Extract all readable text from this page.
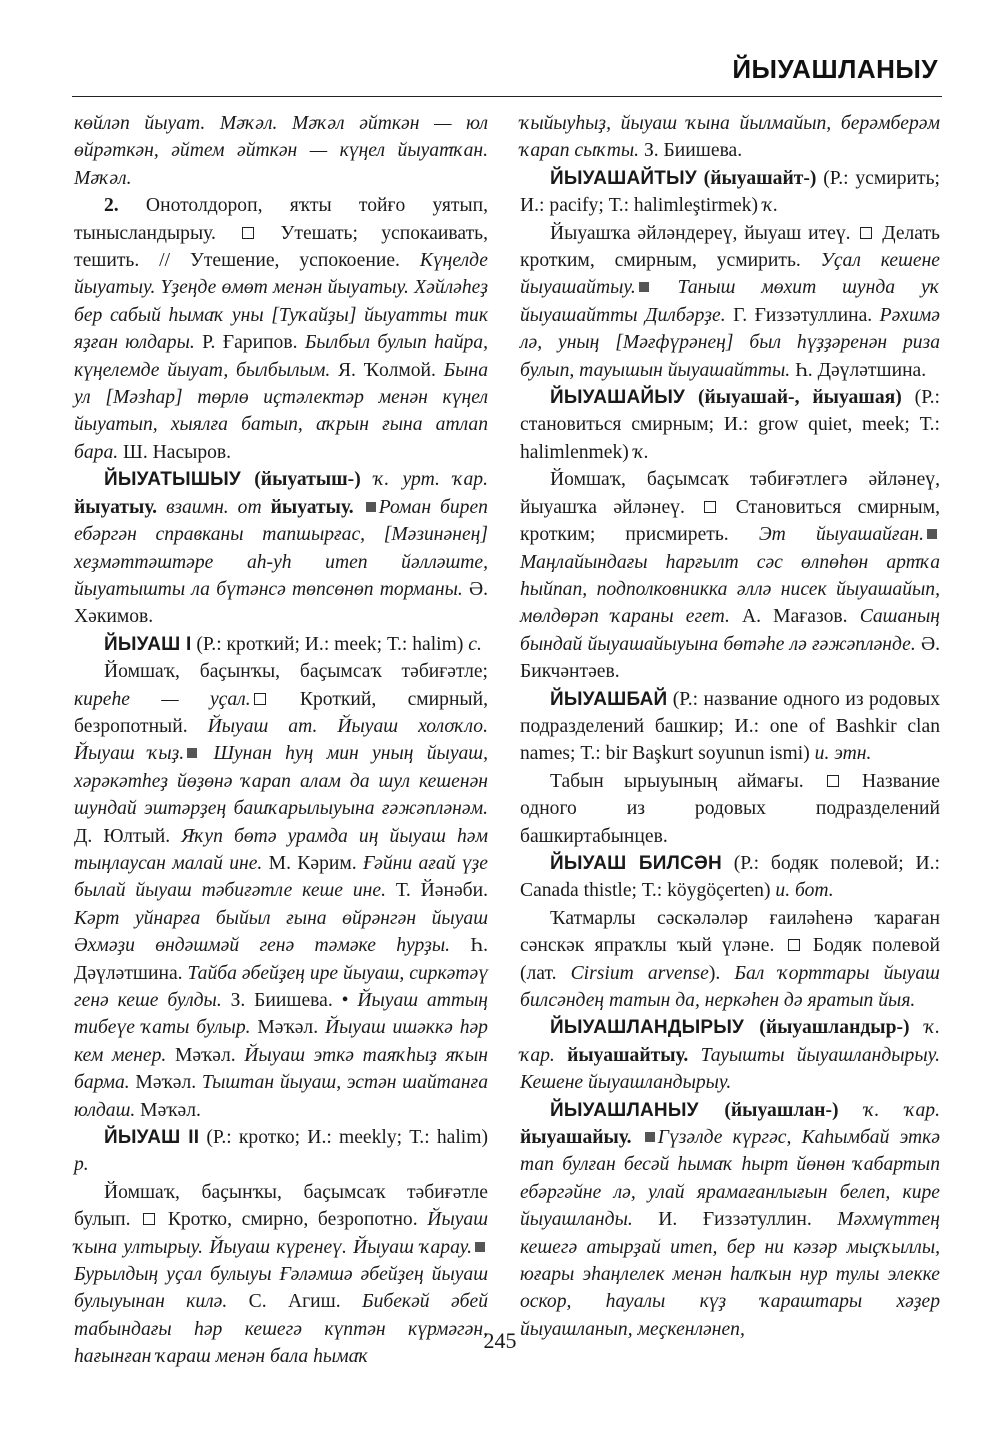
ЙЫУАШЛАНЫУ

көйләп йыуат. Мәҡәл. Мәҡәл әйткән — юл өйрәткән, әйтем әйткән — күңел йыуатҡан. Мәҡәл.

2. Онотолдороп, яҡты тойғо уятып, тынысландырыу.  Утешать; успокаивать, тешить. // Утешение, успокоение. Күңелде йыуатыу. Үҙеңде өмөт менән йыуатыу. Хәйләһеҙ бер сабый һымаҡ уны [Туҡайҙы] йыуатты тик яҙған юлдары. Р. Ғарипов. Былбыл булып һайра, күңелемде йыуат, былбылым. Я. Ҡолмой. Бына ул [Мәзһар] төрлө иҫтәлектәр менән күңел йыуатып, хыялға батып, аҡрын ғына атлап бара. Ш. Насыров.

ЙЫУАТЫШЫУ (йыуатыш-) ҡ. урт. ҡар. йыуатыу. взаимн. от йыуатыу. Роман биреп ебәргән справканы тапшырғас, [Мәзинәнең] хеҙмәттәштәре аһ-уһ итеп йәлләште, йыуатышты ла бүтәнсә төпсөнөп торманы. Ә. Хәкимов.

ЙЫУАШ I (Р.: кроткий; И.: meek; Т.: halim) с.

Йомшаҡ, баҫынҡы, баҫымсаҡ тәбиғәтле; киреһе — уҫал. Кроткий, смирный, безропотный. Йыуаш ат. Йыуаш холоҡло. Йыуаш ҡыҙ. Шунан һуң мин уның йыуаш, хәрәкәтһеҙ йөҙөнә ҡарап алам да шул кешенән шундай эштәрҙең башҡарылыуына ғәжәпләнәм. Д. Юлтый. Яҡуп бөтә урамда иң йыуаш һәм тыңлаусан малай ине. М. Кәрим. Ғәйни ағай үҙе былай йыуаш тәбиғәтле кеше ине. Т. Йәнәби. Кәрт уйнарға быйыл ғына өйрәнгән йыуаш Әхмәҙи өндәшмәй генә тәмәке һурҙы. Һ. Дәүләтшина. Тайба әбейҙең ире йыуаш, сиркәтәү генә кеше булды. З. Биишева. • Йыуаш аттың тибеүе ҡаты булыр. Мәҡәл. Йыуаш ишәккә һәр кем менер. Мәҡәл. Йыуаш эткә таяҡһыҙ яҡын барма. Мәҡәл. Тыштан йыуаш, эстән шайтанға юлдаш. Мәҡәл.

ЙЫУАШ II (Р.: кротко; И.: meekly; Т.: halim) р.

Йомшаҡ, баҫынҡы, баҫымсаҡ тәбиғәтле булып.  Кротко, смирно, безропотно. Йыуаш ҡына ултырыу. Йыуаш күренеү. Йыуаш ҡарау. Бурылдың уҫал булыуы Ғәләмшә әбейҙең йыуаш булыуынан килә. С. Агиш. Бибекәй әбей табындағы һәр кешегә күптән күрмәгән, һағынған ҡараш менән бала һымаҡ

ҡыйыуһыҙ, йыуаш ҡына йылмайып, берәмберәм ҡарап сыҡты. З. Биишева.

ЙЫУАШАЙТЫУ (йыуашайт-) (Р.: усмирить; И.: pacify; Т.: halimleştirmek) ҡ.

Йыуашҡа әйләндереү, йыуаш итеү.  Делать кротким, смирным, усмирить. Уҫал кешене йыуашайтыу. Таныш мөхит шунда уҡ йыуашайтты Дилбәрҙе. Г. Ғиззәтуллина. Рәхимә лә, уның [Мәғфүрәнең] был һүҙҙәренән риза булып, тауышын йыуашайтты. Һ. Дәүләтшина.

ЙЫУАШАЙЫУ (йыуашай-, йыуашая) (Р.: становиться смирным; И.: grow quiet, meek; Т.: halimlenmek) ҡ.

Йомшаҡ, баҫымсаҡ тәбиғәтлегә әйләнеү, йыуашҡа әйләнеү.  Становиться смирным, кротким; присмиреть. Эт йыуашайған. Маңлайындағы һарғылт сәс өлпөһөн артҡа һыйпап, подполковникка әллә нисек йыуашайып, мөлдөрәп ҡараны егет. А. Мағазов. Сашаның бындай йыуашайыуына бөтәһе лә ғәжәпләнде. Ә. Бикчәнтәев.

ЙЫУАШБАЙ (Р.: название одного из родовых подразделений башкир; И.: one of Bashkir clan names; Т.: bir Başkurt soyunun ismi) и. этн.

Табын ырыуының аймағы.  Название одного из родовых подразделений башкиртабынцев.

ЙЫУАШ БИЛСӘН (Р.: бодяк полевой; И.: Canada thistle; Т.: köygöçerten) и. бот.

Ҡатмарлы сәскәләләр ғаиләһенә ҡараған сәнскәк япраҡлы ҡый үләне.  Бодяк полевой (лат. Cirsium arvense). Бал ҡорттары йыуаш билсәндең татын да, неркәһен дә яратып йыя.

ЙЫУАШЛАНДЫРЫУ (йыуашландыр-) ҡ. ҡар. йыуашайтыу. Тауышты йыуашландырыу. Кешене йыуашландырыу.

ЙЫУАШЛАНЫУ (йыуашлан-) ҡ. ҡар. йыуашайыу. Гүзәлде күргәс, Каһымбай эткә тап булған бесәй һымаҡ һырт йөнөн ҡабартып ебәргәйне лә, улай ярамағанлығын белеп, кире йыуашланды. И. Ғиззәтуллин. Мәхмүттең кешегә атырҙай итеп, бер ни кәзәр мыҫҡыллы, юғары эһаңлелек менән һалҡын нур тулы элекке оскор, һауалы күҙ ҡараштары хәҙер йыуашланып, меҫкенләнеп,

245
